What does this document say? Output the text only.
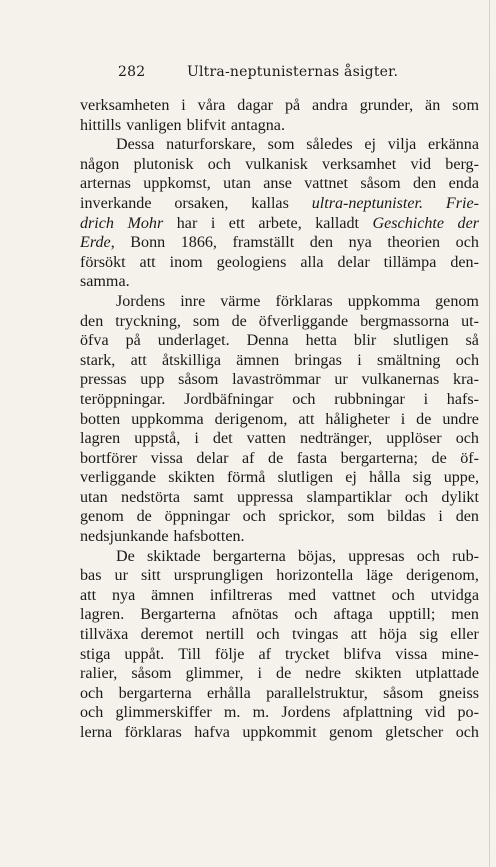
282	Ultra-neptunisternas åsigter.
verksamheten i våra dagar på andra grunder, än som
hittills vanligen blifvit antagna.
Dessa naturforskare, som således ej vilja erkänna
någon plutonisk och vulkanisk verksamhet vid berg-
arternas uppkomst, utan anse vattnet såsom den enda
inverkande orsaken, kallas ultra-neptunister. Frie-
drich Mohr har i ett arbete, kalladt Geschichte der
Erde, Bonn 1866, framställt den nya theorien och
försökt att inom geologiens alla delar tillämpa den-
samma.
Jordens inre värme förklaras uppkomma genom
den tryckning, som de öfverliggande bergmassorna ut-
öfva på underlaget. Denna hetta blir slutligen så
stark, att åtskilliga ämnen bringas i smältning och
pressas upp såsom lavaströmmar ur vulkanernas kra-
teröppningar. Jordbäfningar och rubbningar i hafs-
botten uppkomma derigenom, att håligheter i de undre
lagren uppstå, i det vatten nedtränger, upplöser och
bortförer vissa delar af de fasta bergarterna; de öf-
verliggande skikten förmå slutligen ej hålla sig uppe,
utan nedstörta samt uppressa slampartiklar och dylikt
genom de öppningar och sprickor, som bildas i den
nedsjunkande hafsbotten.
De skiktade bergarterna böjas, uppresas och rub-
bas ur sitt ursprungligen horizontella läge derigenom,
att nya ämnen infiltreras med vattnet och utvidga
lagren. Bergarterna afnötas och aftaga upptill; men
tillväxa deremot nertill och tvingas att höja sig eller
stiga uppåt. Till följe af trycket blifva vissa mine-
ralier, såsom glimmer, i de nedre skikten utplattade
och bergarterna erhålla parallelstruktur, såsom gneiss
och glimmerskiffer m. m. Jordens afplattning vid po-
lerna förklaras hafva uppkommit genom gletscher och
